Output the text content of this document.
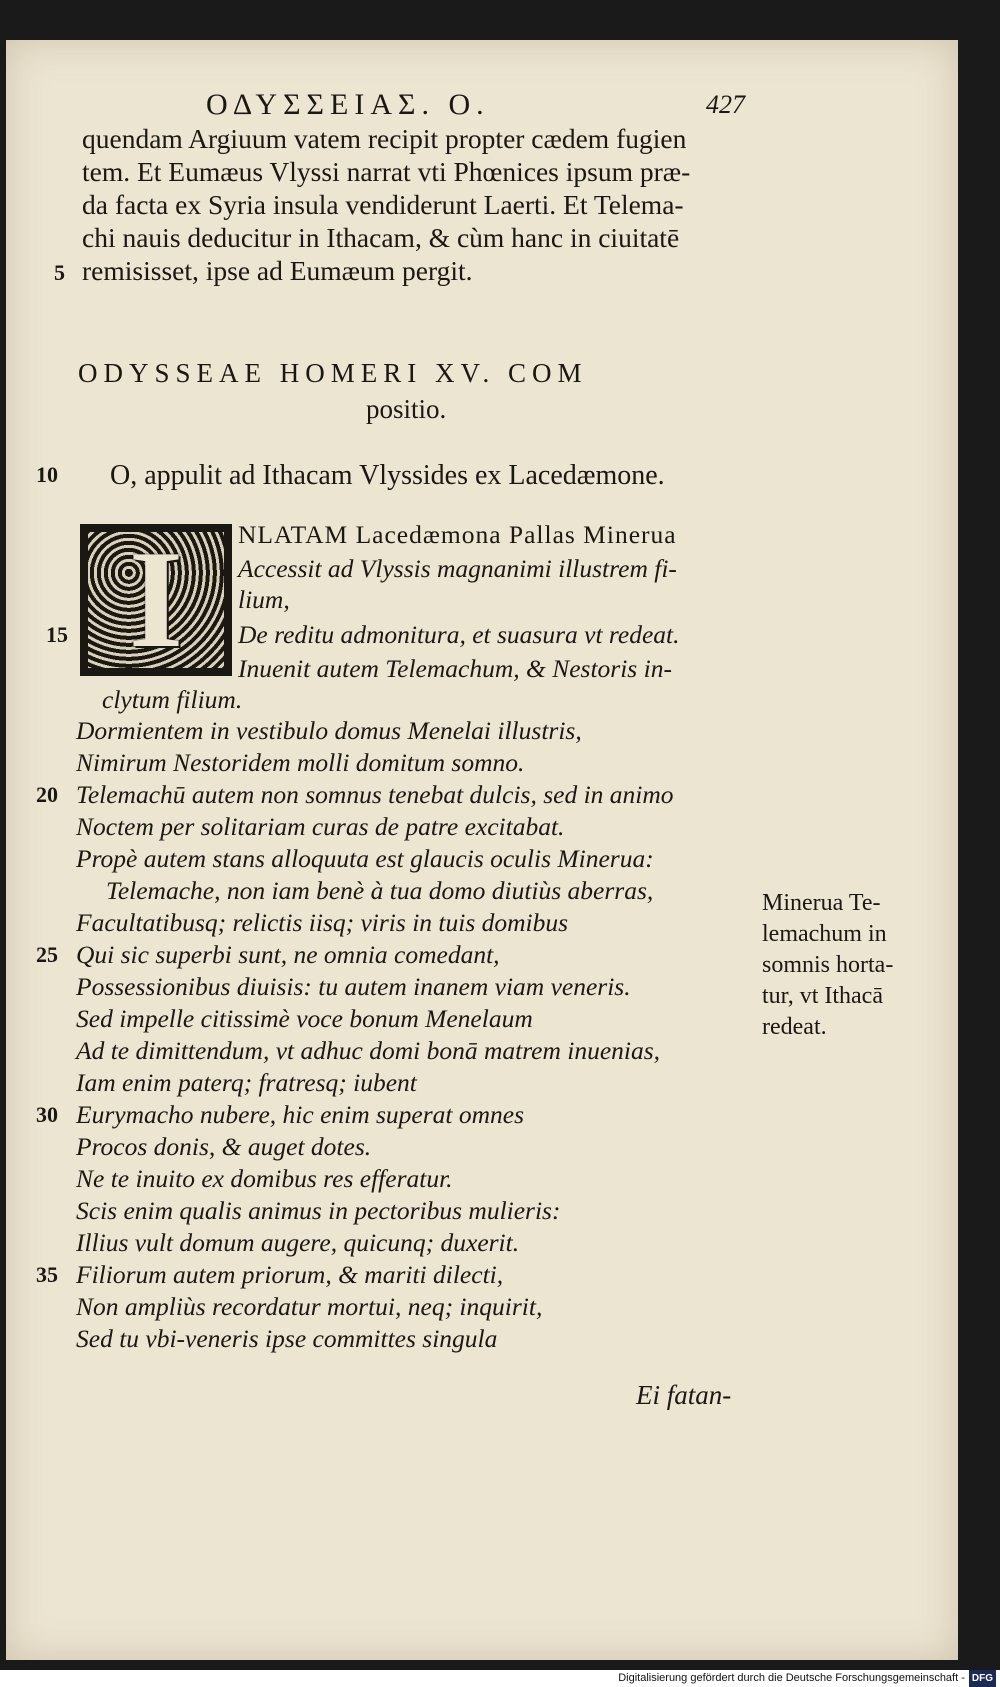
ΟΔΥΣΣΕΙΑΣ. Ο.	427
quendam Argiuum vatem recipit propter cædem fugien
tem. Et Eumæus Vlyssi narrat vti Phœnices ipsum præ-
da facta ex Syria insula vendiderunt Laerti. Et Telema-
chi nauis deducitur in Ithacam, & cùm hanc in ciuitatē
remisisset, ipse ad Eumæum pergit.
5
ODYSSEAE HOMERI XV. COM
positio.
10 O, appulit ad Ithacam Vlyssides ex Lacedæmone.
I NLATAM Lacedæmona Pallas Minerua
Accessit ad Vlyssis magnanimi illustrem fi-
lium,
15	De reditu admonitura, et suasura vt redeat.
Inuenit autem Telemachum, & Nestoris in-
clytum filium.
Dormientem in vestibulo domus Menelai illustris,
Nimirum Nestoridem molli domitum somno.
20 Telemachū autem non somnus tenebat dulcis, sed in animo
Noctem per solitariam curas de patre excitabat.
Propè autem stans alloquuta est glaucis oculis Minerua:
Telemache, non iam benè à tua domo diutiùs aberras,
Facultatibusq; relictis iisq; viris in tuis domibus
25 Qui sic superbi sunt, ne omnia comedant,
Possessionibus diuisis: tu autem inanem viam veneris.
Sed impelle citissimè voce bonum Menelaum
Ad te dimittendum, vt adhuc domi bonā matrem inuenias,
Iam enim paterq; fratresq; iubent
30 Eurymacho nubere, hic enim superat omnes
Procos donis, & auget dotes.
Ne te inuito ex domibus res efferatur.
Scis enim qualis animus in pectoribus mulieris:
Illius vult domum augere, quicunq; duxerit.
35 Filiorum autem priorum, & mariti dilecti,
Non ampliùs recordatur mortui, neq; inquirit,
Sed tu vbi-veneris ipse committes singula
Minerua Te-
lemachum in
somnis horta-
tur, vt Ithacā
redeat.
Ei fatan-
Digitalisierung gefördert durch die Deutsche Forschungsgemeinschaft - DFG
